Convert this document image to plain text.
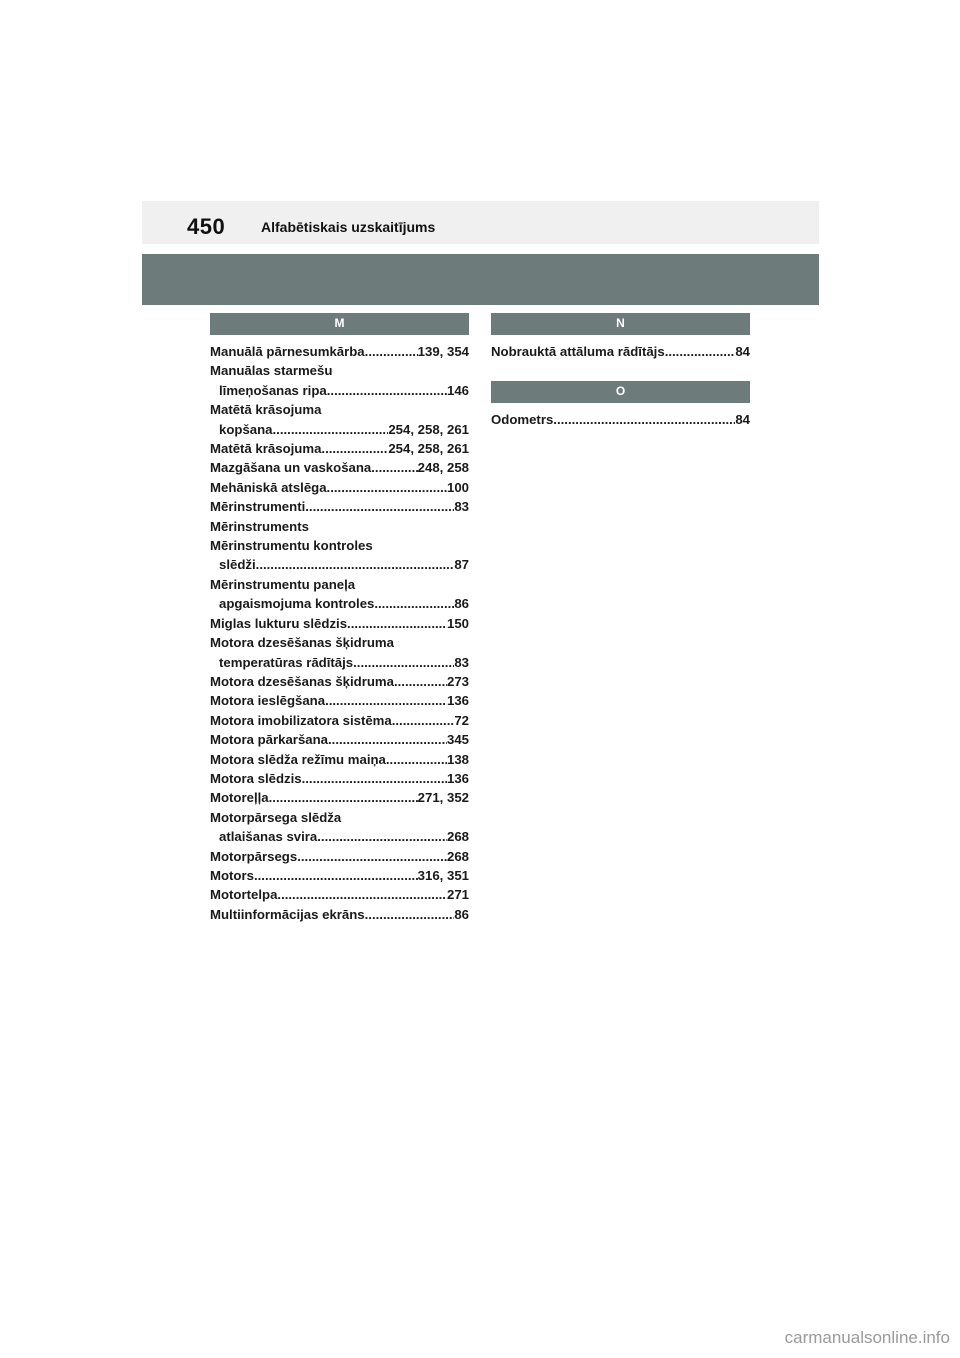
450	Alfabētiskais uzskaitījums
M
Manuālā pārnesumkārba .....	139, 354
Manuālas starmešu
līmeņošanas ripa .....	146
Matētā krāsojuma
kopšana .....	254, 258, 261
Matētā krāsojuma .....	254, 258, 261
Mazgāšana un vaskošana .....	248, 258
Mehāniskā atslēga .....	100
Mērinstrumenti .....	83
Mērinstruments
Mērinstrumentu kontroles
slēdži .....	87
Mērinstrumentu paneļa
apgaismojuma kontroles .....	86
Miglas lukturu slēdzis .....	150
Motora dzesēšanas šķidruma
temperatūras rādītājs .....	83
Motora dzesēšanas šķidruma .....	273
Motora ieslēgšana .....	136
Motora imobilizatora sistēma .....	72
Motora pārkaršana .....	345
Motora slēdža režīmu maiņa .....	138
Motora slēdzis .....	136
Motoreļļa .....	271, 352
Motorpārsega slēdža
atlaišanas svira .....	268
Motorpārsegs .....	268
Motors .....	316, 351
Motortelpa .....	271
Multiinformācijas ekrāns .....	86
N
Nobrauktā attāluma rādītājs .....	84
O
Odometrs .....	84
carmanualsonline.info
